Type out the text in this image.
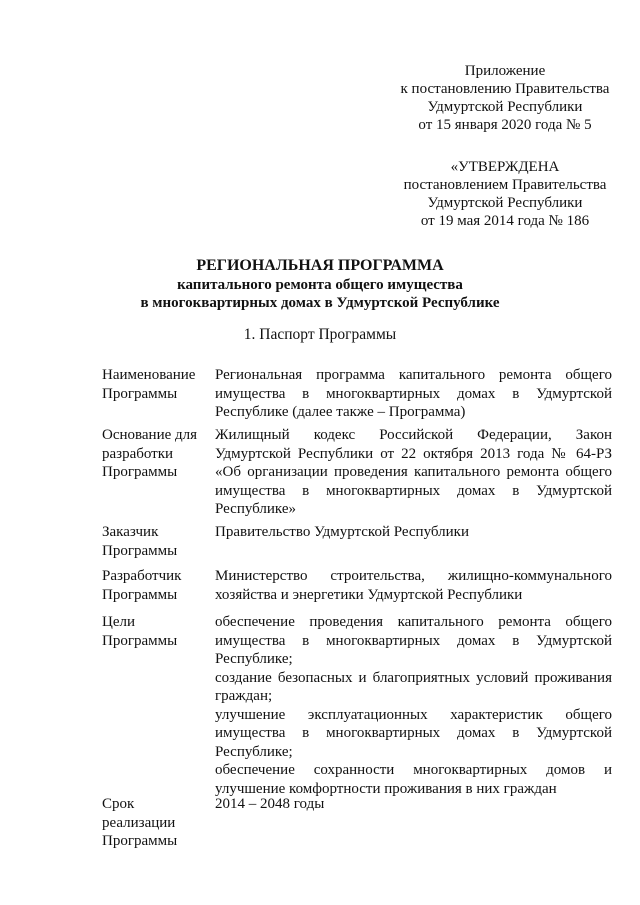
Приложение
к постановлению Правительства
Удмуртской Республики
от 15 января 2020 года № 5
«УТВЕРЖДЕНА
постановлением Правительства
Удмуртской Республики
от 19 мая 2014 года № 186
РЕГИОНАЛЬНАЯ ПРОГРАММА
капитального ремонта общего имущества
в многоквартирных домах в Удмуртской Республике
1. Паспорт Программы
Наименование
Программы
Региональная программа капитального ремонта общего
имущества в многоквартирных домах в Удмуртской
Республике (далее также – Программа)
Основание для
разработки
Программы
Жилищный кодекс Российской Федерации, Закон
Удмуртской Республики от 22 октября 2013 года № 64-РЗ
«Об организации проведения капитального ремонта общего
имущества в многоквартирных домах в Удмуртской
Республике»
Заказчик
Программы
Правительство Удмуртской Республики
Разработчик
Программы
Министерство строительства, жилищно-коммунального
хозяйства и энергетики Удмуртской Республики
Цели
Программы
обеспечение проведения капитального ремонта общего
имущества в многоквартирных домах в Удмуртской
Республике;
создание безопасных и благоприятных условий проживания
граждан;
улучшение эксплуатационных характеристик общего
имущества в многоквартирных домах в Удмуртской
Республике;
обеспечение сохранности многоквартирных домов и
улучшение комфортности проживания в них граждан
Срок
реализации
Программы
2014 – 2048 годы
